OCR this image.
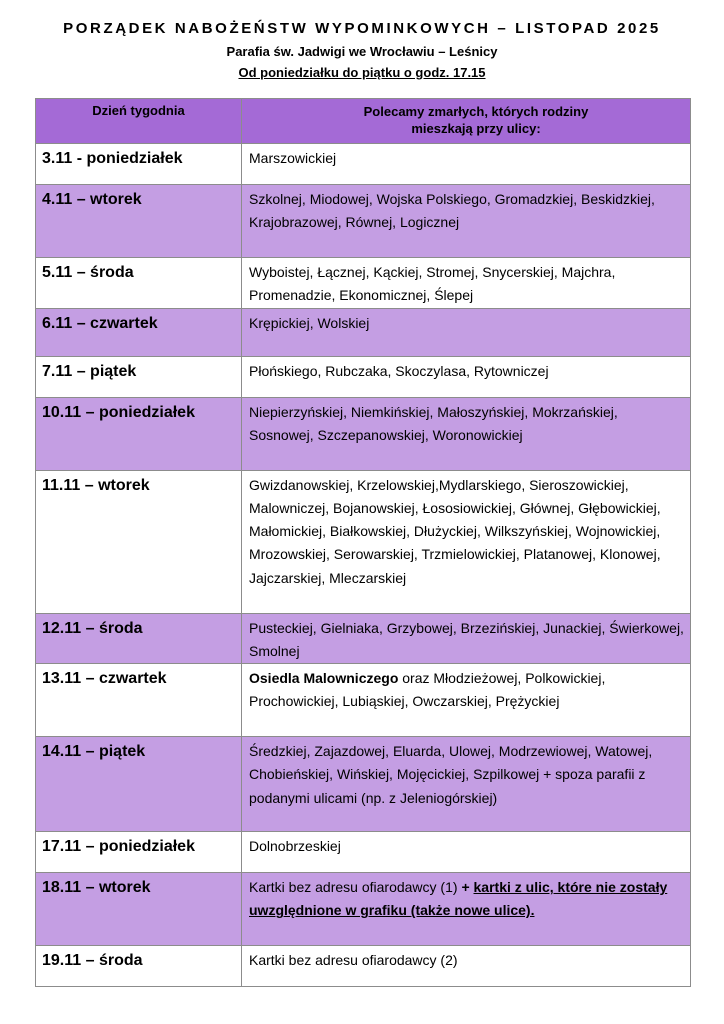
PORZĄDEK NABOŻEŃSTW WYPOMINKOWYCH – LISTOPAD 2025
Parafia św. Jadwigi we Wrocławiu – Leśnicy
Od poniedziałku do piątku o godz. 17.15
Dzień tygodnia	Polecamy zmarłych, których rodziny
mieszkają przy ulicy:
3.11 - poniedziałek	Marszowickiej
4.11 – wtorek	Szkolnej, Miodowej, Wojska Polskiego, Gromadzkiej, Beskidzkiej, Krajobrazowej, Równej, Logicznej
5.11 – środa	Wyboistej, Łącznej, Kąckiej, Stromej, Snycerskiej, Majchra, Promenadzie, Ekonomicznej, Ślepej
6.11 – czwartek	Krępickiej, Wolskiej
7.11 – piątek	Płońskiego, Rubczaka, Skoczylasa, Rytowniczej
10.11 – poniedziałek	Niepierzyńskiej, Niemkińskiej, Małoszyńskiej, Mokrzańskiej, Sosnowej, Szczepanowskiej, Woronowickiej
11.11 – wtorek	Gwizdanowskiej, Krzelowskiej,Mydlarskiego, Sieroszowickiej, Malowniczej, Bojanowskiej, Łososiowickiej, Głównej, Głębowickiej, Małomickiej, Białkowskiej, Dłużyckiej, Wilkszyńskiej, Wojnowickiej, Mrozowskiej, Serowarskiej, Trzmielowickiej, Platanowej, Klonowej, Jajczarskiej, Mleczarskiej
12.11 – środa	Pusteckiej, Gielniaka, Grzybowej, Brzezińskiej, Junackiej, Świerkowej, Smolnej
13.11 – czwartek	Osiedla Malowniczego oraz Młodzieżowej, Polkowickiej, Prochowickiej, Lubiąskiej, Owczarskiej, Prężyckiej
14.11 – piątek	Średzkiej, Zajazdowej, Eluarda, Ulowej, Modrzewiowej, Watowej, Chobieńskiej, Wińskiej, Mojęcickiej, Szpilkowej + spoza parafii z podanymi ulicami (np. z Jeleniogórskiej)
17.11 – poniedziałek	Dolnobrzeskiej
18.11 – wtorek	Kartki bez adresu ofiarodawcy (1) + kartki z ulic, które nie zostały uwzględnione w grafiku (także nowe ulice).
19.11 – środa	Kartki bez adresu ofiarodawcy (2)
